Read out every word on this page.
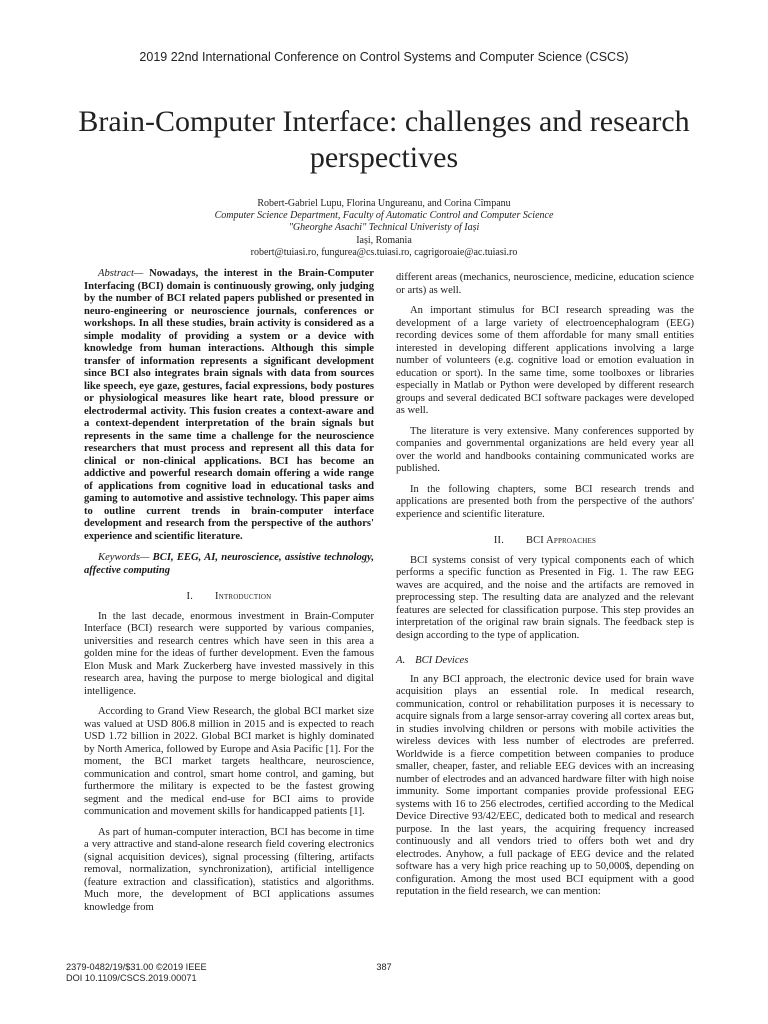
2019 22nd International Conference on Control Systems and Computer Science (CSCS)
Brain-Computer Interface: challenges and research perspectives
Robert-Gabriel Lupu, Florina Ungureanu, and Corina Cîmpanu
Computer Science Department, Faculty of Automatic Control and Computer Science
"Gheorghe Asachi" Technical Univeristy of Iași
Iași, Romania
robert@tuiasi.ro, fungurea@cs.tuiasi.ro, cagrigoroaie@ac.tuiasi.ro

Abstract— Nowadays, the interest in the Brain-Computer Interfacing (BCI) domain is continuously growing, only judging by the number of BCI related papers published or presented in neuro-engineering or neuroscience journals, conferences or workshops. In all these studies, brain activity is considered as a simple modality of providing a system or a device with knowledge from human interactions. Although this simple transfer of information represents a significant development since BCI also integrates brain signals with data from sources like speech, eye gaze, gestures, facial expressions, body postures or physiological measures like heart rate, blood pressure or electrodermal activity. This fusion creates a context-aware and a context-dependent interpretation of the brain signals but represents in the same time a challenge for the neuroscience researchers that must process and represent all this data for clinical or non-clinical applications. BCI has become an addictive and powerful research domain offering a wide range of applications from cognitive load in educational tasks and gaming to automotive and assistive technology. This paper aims to outline current trends in brain-computer interface development and research from the perspective of the authors' experience and scientific literature.

Keywords— BCI, EEG, AI, neuroscience, assistive technology, affective computing

I. Introduction

In the last decade, enormous investment in Brain-Computer Interface (BCI) research were supported by various companies, universities and research centres which have seen in this area a golden mine for the ideas of further development. Even the famous Elon Musk and Mark Zuckerberg have invested massively in this research area, having the purpose to merge biological and digital intelligence.

According to Grand View Research, the global BCI market size was valued at USD 806.8 million in 2015 and is expected to reach USD 1.72 billion in 2022. Global BCI market is highly dominated by North America, followed by Europe and Asia Pacific [1]. For the moment, the BCI market targets healthcare, neuroscience, communication and control, smart home control, and gaming, but furthermore the military is expected to be the fastest growing segment and the medical end-use for BCI aims to provide communication and movement skills for handicapped patients [1].

As part of human-computer interaction, BCI has become in time a very attractive and stand-alone research field covering electronics (signal acquisition devices), signal processing (filtering, artifacts removal, normalization, synchronization), artificial intelligence (feature extraction and classification), statistics and algorithms. Much more, the development of BCI applications assumes knowledge from

different areas (mechanics, neuroscience, medicine, education science or arts) as well.

An important stimulus for BCI research spreading was the development of a large variety of electroencephalogram (EEG) recording devices some of them affordable for many small entities interested in developing different applications involving a large number of volunteers (e.g. cognitive load or emotion evaluation in education or sport). In the same time, some toolboxes or libraries especially in Matlab or Python were developed by different research groups and several dedicated BCI software packages were developed as well.

The literature is very extensive. Many conferences supported by companies and governmental organizations are held every year all over the world and handbooks containing communicated works are published.

In the following chapters, some BCI research trends and applications are presented both from the perspective of the authors' experience and scientific literature.

II. BCI Approaches

BCI systems consist of very typical components each of which performs a specific function as Presented in Fig. 1. The raw EEG waves are acquired, and the noise and the artifacts are removed in preprocessing step. The resulting data are analyzed and the relevant features are selected for classification purpose. This step provides an interpretation of the original raw brain signals. The feedback step is design according to the type of application.

A. BCI Devices

In any BCI approach, the electronic device used for brain wave acquisition plays an essential role. In medical research, communication, control or rehabilitation purposes it is necessary to acquire signals from a large sensor-array covering all cortex areas but, in studies involving children or persons with mobile activities the wireless devices with less number of electrodes are preferred. Worldwide is a fierce competition between companies to produce smaller, cheaper, faster, and reliable EEG devices with an increasing number of electrodes and an advanced hardware filter with high noise immunity. Some important companies provide professional EEG systems with 16 to 256 electrodes, certified according to the Medical Device Directive 93/42/EEC, dedicated both to medical and research purpose. In the last years, the acquiring frequency increased continuously and all vendors tried to offers both wet and dry electrodes. Anyhow, a full package of EEG device and the related software has a very high price reaching up to 50,000$, depending on configuration. Among the most used BCI equipment with a good reputation in the field research, we can mention:

2379-0482/19/$31.00 ©2019 IEEE
DOI 10.1109/CSCS.2019.00071
387
